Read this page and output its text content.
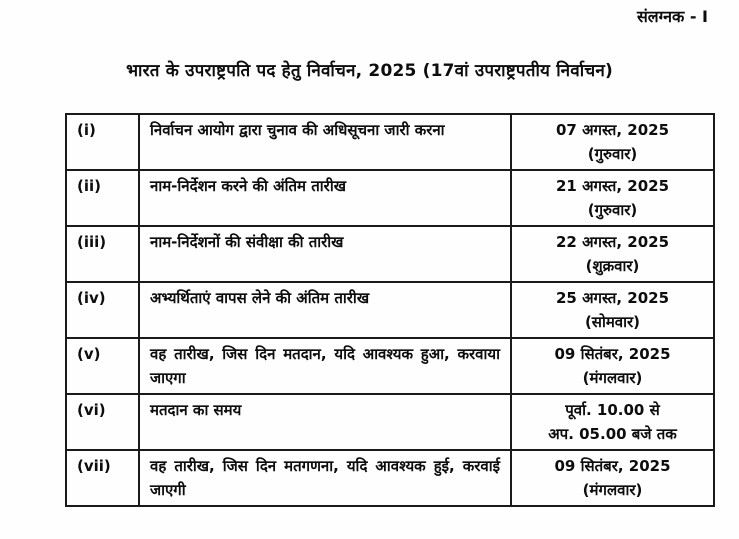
संलग्नक - I
भारत के उपराष्ट्रपति पद हेतु निर्वाचन, 2025 (17वां उपराष्ट्रपतीय निर्वाचन)
(i)	निर्वाचन आयोग द्वारा चुनाव की अधिसूचना जारी करना	07 अगस्त, 2025
(गुरुवार)

(ii)	नाम-निर्देशन करने की अंतिम तारीख	21 अगस्त, 2025
(गुरुवार)

(iii)	नाम-निर्देशनों की संवीक्षा की तारीख	22 अगस्त, 2025
(शुक्रवार)

(iv)	अभ्यर्थिताएं वापस लेने की अंतिम तारीख	25 अगस्त, 2025
(सोमवार)

(v)	वह तारीख, जिस दिन मतदान, यदि आवश्यक हुआ, करवाया जाएगा	09 सितंबर, 2025
(मंगलवार)

(vi)	मतदान का समय	पूर्वा. 10.00 से
अप. 05.00 बजे तक

(vii)	वह तारीख, जिस दिन मतगणना, यदि आवश्यक हुई, करवाई जाएगी	09 सितंबर, 2025
(मंगलवार)
